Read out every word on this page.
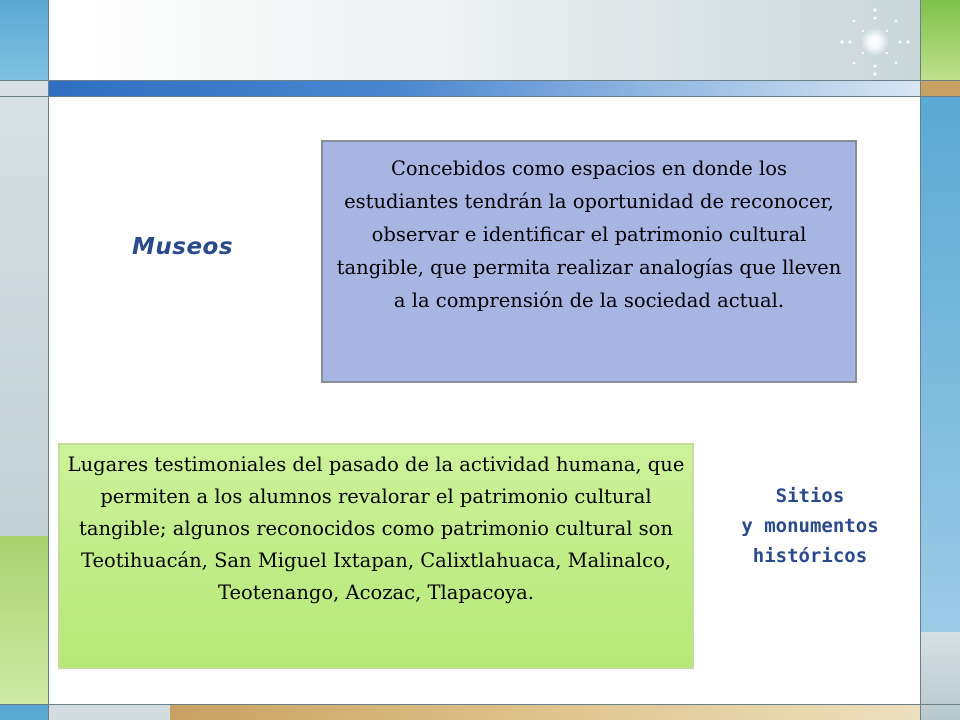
Museos
Concebidos como espacios en donde los estudiantes tendrán la oportunidad de reconocer, observar e identificar el patrimonio cultural tangible, que permita realizar analogías que lleven a la comprensión de la sociedad actual.
Lugares testimoniales del pasado de la actividad humana, que permiten a los alumnos revalorar el patrimonio cultural tangible; algunos reconocidos como patrimonio cultural son Teotihuacán, San Miguel Ixtapan, Calixtlahuaca, Malinalco, Teotenango, Acozac, Tlapacoya.
Sitios
y monumentos
históricos
